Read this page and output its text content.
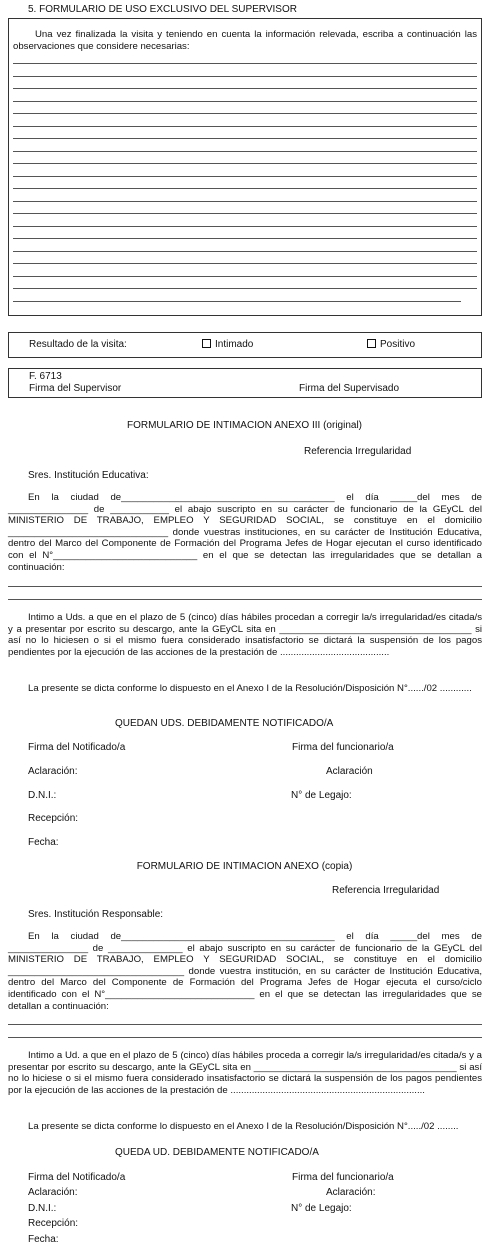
5. FORMULARIO DE USO EXCLUSIVO DEL SUPERVISOR
Una vez finalizada la visita y teniendo en cuenta la información relevada, escriba a continuación las observaciones que considere necesarias:
Resultado de la visita:	Intimado	Positivo
F. 6713
Firma del Supervisor	Firma del Supervisado
FORMULARIO DE INTIMACION ANEXO III (original)
Referencia Irregularidad
Sres. Institución Educativa:
En la ciudad de________________________________________ el día _____del mes de _______________ de ___________ el abajo suscripto en su carácter de funcionario de la GEyCL del MINISTERIO DE TRABAJO, EMPLEO Y SEGURIDAD SOCIAL, se constituye en el domicilio ______________________________ donde vuestras instituciones, en su carácter de Institución Educativa, dentro del Marco del Componente de Formación del Programa Jefes de Hogar ejecutan el curso identificado con el N°___________________________ en el que se detectan las irregularidades que se detallan a continuación:
Intimo a Uds. a que en el plazo de 5 (cinco) días hábiles procedan a corregir la/s irregularidad/es citada/s y a presentar por escrito su descargo, ante la GEyCL sita en ____________________________________ si así no lo hiciesen o si el mismo fuera considerado insatisfactorio se dictará la suspensión de los pagos pendientes por la ejecución de las acciones de la prestación de .........................................
La presente se dicta conforme lo dispuesto en el Anexo I de la Resolución/Disposición N°....../02 ............
QUEDAN UDS. DEBIDAMENTE NOTIFICADO/A
Firma del Notificado/a	Firma del funcionario/a
Aclaración:	Aclaración
D.N.I.:	N° de Legajo:
Recepción:
Fecha:
FORMULARIO DE INTIMACION ANEXO (copia)
Referencia Irregularidad
Sres. Institución Responsable:
En la ciudad de________________________________________ el día _____del mes de _______________ de ______________ el abajo suscripto en su carácter de funcionario de la GEyCL del MINISTERIO DE TRABAJO, EMPLEO Y SEGURIDAD SOCIAL, se constituye en el domicilio _________________________________ donde vuestra institución, en su carácter de Institución Educativa, dentro del Marco del Componente de Formación del Programa Jefes de Hogar ejecuta el curso/ciclo identificado con el N°____________________________ en el que se detectan las irregularidades que se detallan a continuación:
Intimo a Ud. a que en el plazo de 5 (cinco) días hábiles proceda a corregir la/s irregularidad/es citada/s y a presentar por escrito su descargo, ante la GEyCL sita en ______________________________________ si así no lo hiciese o si el mismo fuera considerado insatisfactorio se dictará la suspensión de los pagos pendientes por la ejecución de las acciones de la prestación de .........................................................................
La presente se dicta conforme lo dispuesto en el Anexo I de la Resolución/Disposición N°...../02 ........
QUEDA UD. DEBIDAMENTE NOTIFICADO/A
Firma del Notificado/a	Firma del funcionario/a
Aclaración:	Aclaración:
D.N.I.:	N° de Legajo:
Recepción:
Fecha:
